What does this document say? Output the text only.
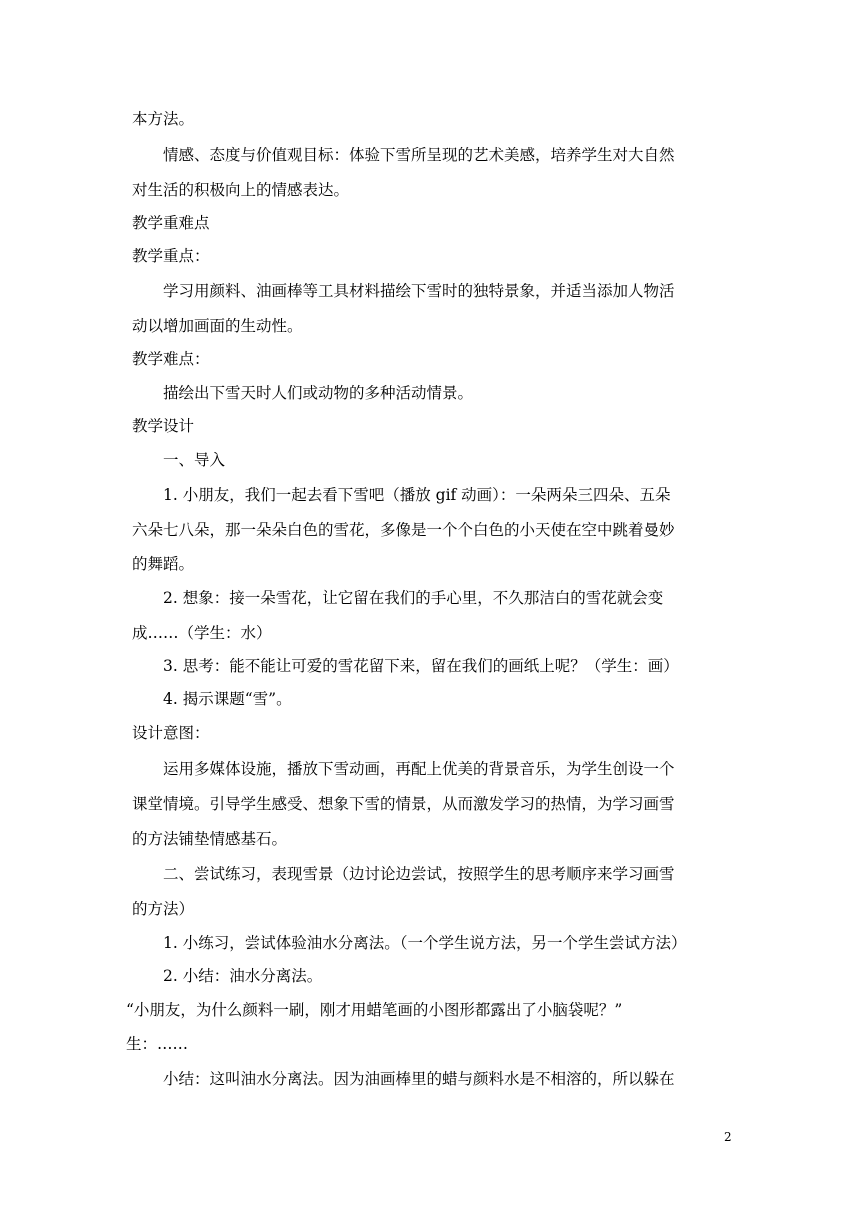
本方法。
情感、态度与价值观目标：体验下雪所呈现的艺术美感，培养学生对大自然
对生活的积极向上的情感表达。
教学重难点
教学重点：
学习用颜料、油画棒等工具材料描绘下雪时的独特景象，并适当添加人物活
动以增加画面的生动性。
教学难点：
描绘出下雪天时人们或动物的多种活动情景。
教学设计
一、导入
1. 小朋友，我们一起去看下雪吧（播放 gif 动画）：一朵两朵三四朵、五朵
六朵七八朵，那一朵朵白色的雪花，多像是一个个白色的小天使在空中跳着曼妙
的舞蹈。
2. 想象：接一朵雪花，让它留在我们的手心里，不久那洁白的雪花就会变
成……（学生：水）
3. 思考：能不能让可爱的雪花留下来，留在我们的画纸上呢？（学生：画）
4. 揭示课题“雪”。
设计意图：
运用多媒体设施，播放下雪动画，再配上优美的背景音乐，为学生创设一个
课堂情境。引导学生感受、想象下雪的情景，从而激发学习的热情，为学习画雪
的方法铺垫情感基石。
二、尝试练习，表现雪景（边讨论边尝试，按照学生的思考顺序来学习画雪
的方法）
1. 小练习，尝试体验油水分离法。（一个学生说方法，另一个学生尝试方法）
2. 小结：油水分离法。
“小朋友，为什么颜料一刷，刚才用蜡笔画的小图形都露出了小脑袋呢？”
生：……
小结：这叫油水分离法。因为油画棒里的蜡与颜料水是不相溶的，所以躲在
2
